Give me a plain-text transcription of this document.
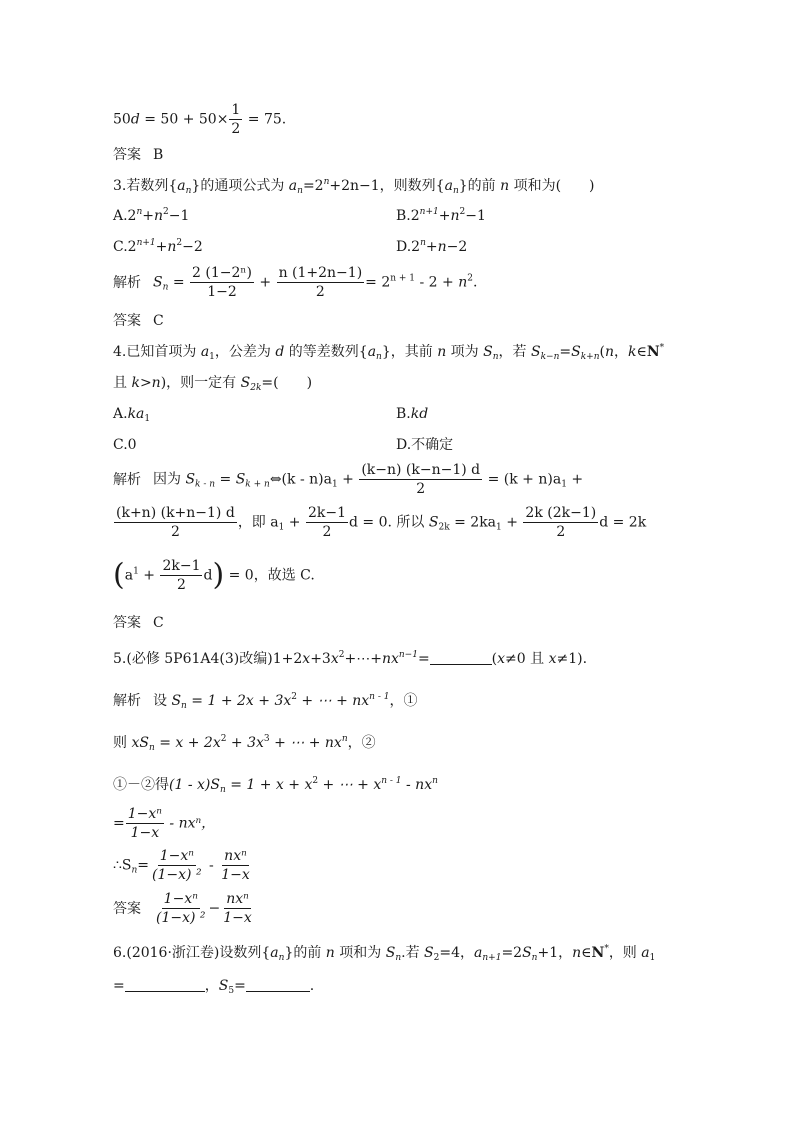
$50d = 50 + 50\times \frac{1}{2} = 75$.
答案 B
3.若数列$\{a_n\}$的通项公式为 $a_n=2^n+2n-1$，则数列$\{a_n\}$的前 n 项和为(　　)
$A.2^n+n^2-1$	$B.2^{n+1}+n^2-1$
$C.2^{n+1}+n^2-2$	$D.2^n+n-2$
解析 $S_n = \frac{\text{2 (1−2ⁿ)}}{1-2} + \frac{n (1+2n-1)}{2} = 2^{n + 1} - 2 + n^2$.
答案 C
4.已知首项为 $a_1$，公差为 d 的等差数列$\{a_n\}$，其前 n 项为 $S_n$，若 $S_{k-n}=S_{k+n}(n$，k∈N*
且 k>n)，则一定有 $S_{2k}=$(　　)
$A.ka_1$	B.kd
C.0	D.不确定
解析 因为 $S_{k - n}$ = $S_{k + n}\Leftrightarrow(k - n)a_1 + \frac{(k-n) (k-n-1) d}{2} = (k + n)a_1$ +
$\frac{(k+n) (k+n-1) d}{2}$ ，即 $a_1 + \frac{2k-1}{2}$ d = 0. 所以 $S_{2k} = 2ka_1 + \frac{2k (2k-1)}{2}$ d = 2k
$(a^1 + \frac{2k-1}{2} d) = 0$，故选 C.
答案 C
5.(必修 5P61A4(3)改编)$1+2x+3x^2+\cdots+nx^{n-1}=$	(x≠0 且 x≠1).
解析 设 $S_n = 1 + 2x + 3x^2$ + ⋯ + $nx^{n - 1}$，①
则 $xS_n = x + 2x^2 + 3x^3$ + ⋯ + $nx^n$，②
①－②得$(1 - x)S_n = 1 + x + x^2$ + ⋯ + $x^{n - 1} - nx^n$
= $\frac{\text{1−xⁿ}}{1-x}$ - nxⁿ，
$\therefore S_n= \frac{\text{1−xⁿ}}{\text{(1−x) ²}} - \frac{\text{nxⁿ}}{1-x}$
答案 $\frac{\text{1−xⁿ}}{\text{(1−x) ²}} - \frac{\text{nxⁿ}}{1-x}$
6.(2016·浙江卷)设数列$\{a_n\}$的前 n 项和为 $S_n$.若 $S_2=4$，$a_{n+1}=2S_n+1$，n∈N*，则 $a_1$
=	，$S_5=$	.
